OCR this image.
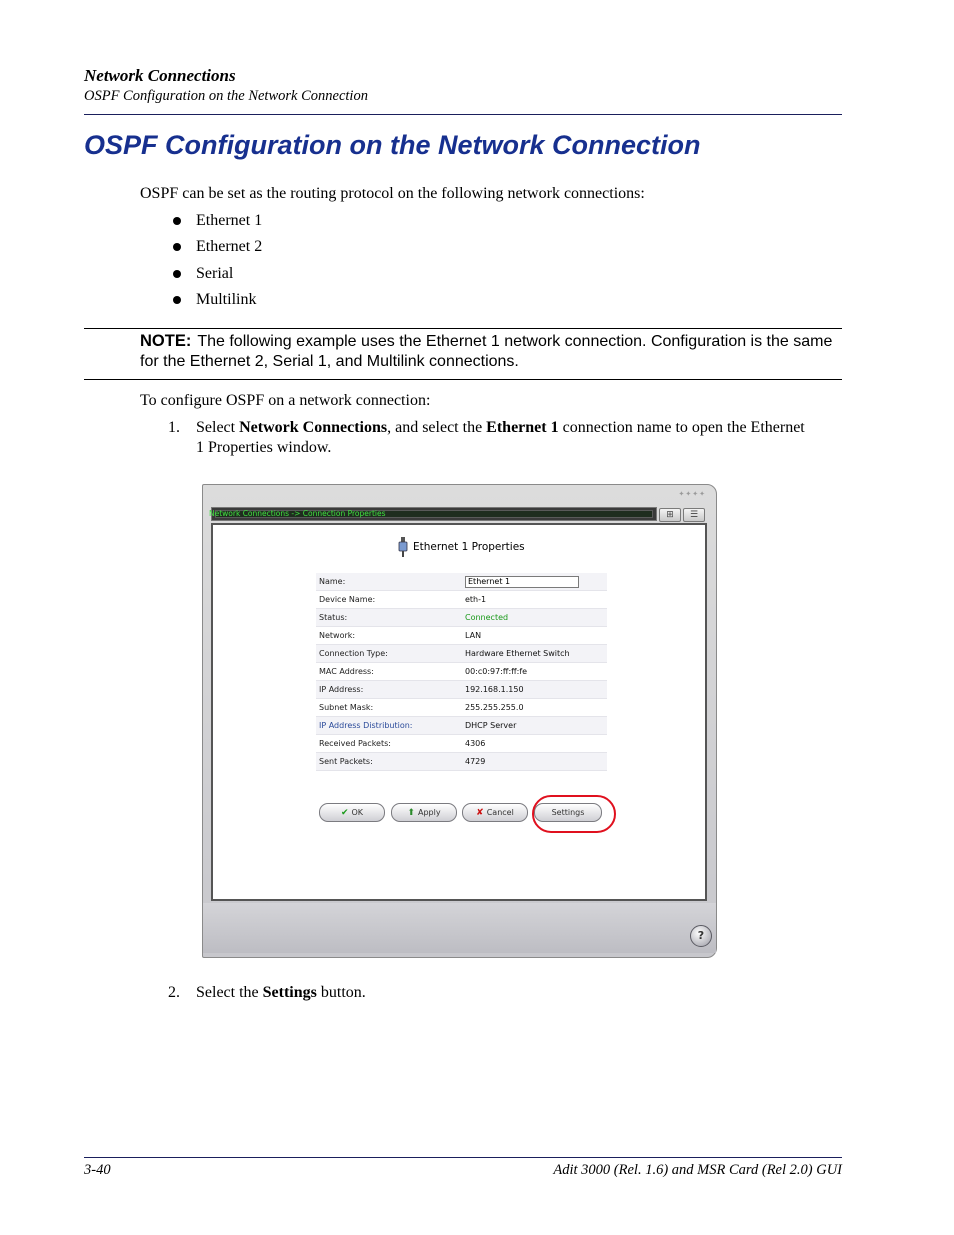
Network Connections
OSPF Configuration on the Network Connection
OSPF Configuration on the Network Connection
OSPF can be set as the routing protocol on the following network connections:
Ethernet 1
Ethernet 2
Serial
Multilink
NOTE: The following example uses the Ethernet 1 network connection. Configuration is the same for the Ethernet 2, Serial 1, and Multilink connections.
To configure OSPF on a network connection:
1. Select Network Connections, and select the Ethernet 1 connection name to open the Ethernet
1 Properties window.
✦✦✦✦
Network Connections -> Connection Properties	⊞	☰
Ethernet 1 Properties
Name:	Ethernet 1
Device Name:	eth-1
Status:	Connected
Network:	LAN
Connection Type:	Hardware Ethernet Switch
MAC Address:	00:c0:97:ff:ff:fe
IP Address:	192.168.1.150
Subnet Mask:	255.255.255.0
IP Address Distribution:	DHCP Server
Received Packets:	4306
Sent Packets:	4729
✔ OK	⬆ Apply	✘ Cancel	Settings
?
2. Select the Settings button.
3-40	Adit 3000 (Rel. 1.6) and MSR Card (Rel 2.0) GUI
